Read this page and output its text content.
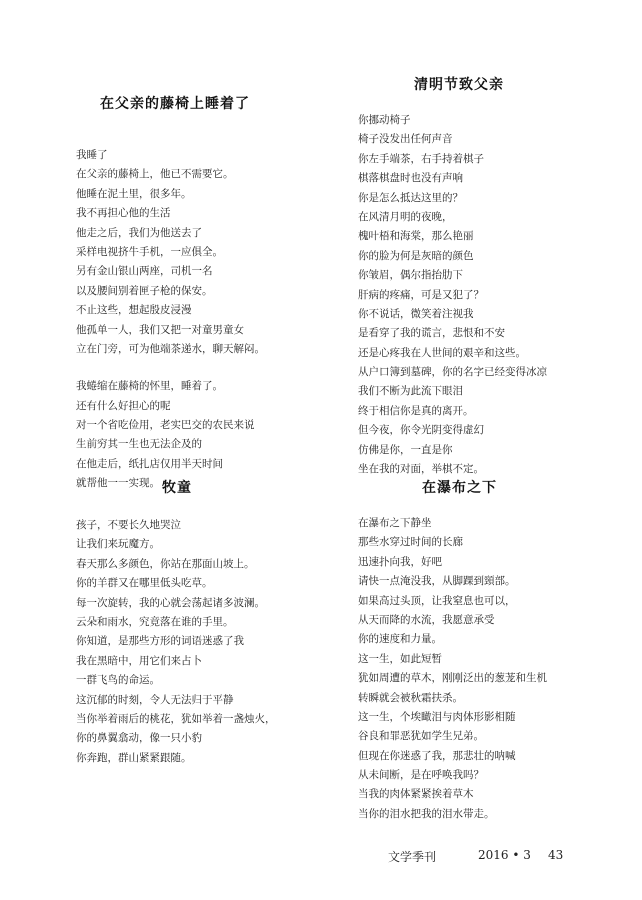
在父亲的藤椅上睡着了
我睡了
在父亲的藤椅上，他已不需要它。
他睡在泥土里，很多年。
我不再担心他的生活
他走之后，我们为他送去了
采样电视挤牛手机，一应俱全。
另有金山银山两座，司机一名
以及腰间别着匣子枪的保安。
不止这些，想起殷皮浸漫
他孤单一人，我们又把一对童男童女
立在门旁，可为他端茶递水，聊天解闷。
我蜷缩在藤椅的怀里，睡着了。
还有什么好担心的呢
对一个省吃俭用，老实巴交的农民来说
生前穷其一生也无法企及的
在他走后，纸扎店仅用半天时间
就帮他一一实现。 牧童
孩子，不要长久地哭泣
让我们来玩魔方。
春天那么多颜色，你站在那面山坡上。
你的羊群又在哪里低头吃草。
每一次旋转，我的心就会荡起诸多波澜。
云朵和雨水，究竟落在谁的手里。
你知道，是那些方形的词语迷惑了我
我在黑暗中，用它们来占卜
一群飞鸟的命运。
这沉郁的时刻，令人无法归于平静
当你举着雨后的桃花，犹如举着一盏烛火，
你的鼻翼翕动，像一只小豹
你奔跑，群山紧紧跟随。
清明节致父亲
你挪动椅子
椅子没发出任何声音
你左手端茶，右手持着棋子
棋落棋盘时也没有声响
你是怎么抵达这里的？
在风清月明的夜晚，
槐叶梧和海棠，那么艳丽
你的脸为何是灰暗的颜色
你皱眉，偶尔指抬肋下
肝病的疼痛，可是又犯了？
你不说话，微笑着注视我
是看穿了我的谎言，悲恨和不安
还是心疼我在人世间的艰辛和这些。
从户口簿到墓碑，你的名字已经变得冰凉
我们不断为此流下眼泪
终于相信你是真的离开。
但今夜，你令光阴变得虚幻
仿佛是你，一直是你
坐在我的对面，举棋不定。
在瀑布之下
在瀑布之下静坐
那些水穿过时间的长廊
迅速扑向我，好吧
请快一点淹没我，从脚踝到頸部。
如果高过头顶，让我窒息也可以，
从天而降的水流，我愿意承受
你的速度和力量。
这一生，如此短暂
犹如周遭的草木，刚刚泛出的葱茏和生机
转瞬就会被秋霜扶杀。
这一生，个埃瞰泪与肉体形影相随
谷良和罪恶犹如学生兄弟。
但现在你迷惑了我，那悲壮的呐喊
从未间断，是在呼唤我吗？
当我的肉体紧紧挨着草木
当你的泪水把我的泪水带走。
文学季刊	2016 • 3 43
